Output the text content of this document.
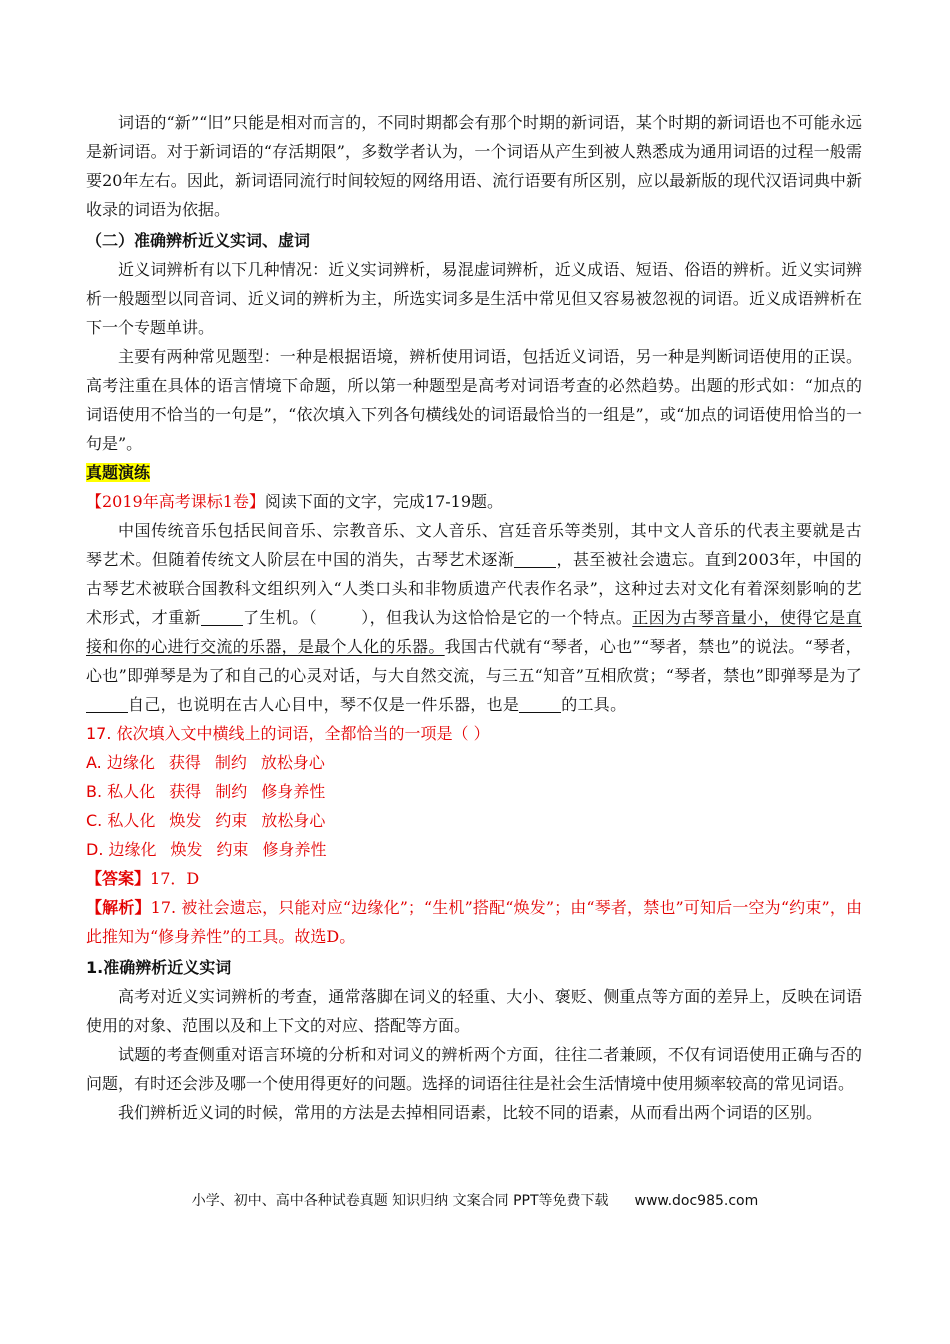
词语的“新”“旧”只能是相对而言的，不同时期都会有那个时期的新词语，某个时期的新词语也不可能永远是新词语。对于新词语的“存活期限”，多数学者认为，一个词语从产生到被人熟悉成为通用词语的过程一般需要20年左右。因此，新词语同流行时间较短的网络用语、流行语要有所区别，应以最新版的现代汉语词典中新收录的词语为依据。

（二）准确辨析近义实词、虚词

近义词辨析有以下几种情况：近义实词辨析，易混虚词辨析，近义成语、短语、俗语的辨析。近义实词辨析一般题型以同音词、近义词的辨析为主，所选实词多是生活中常见但又容易被忽视的词语。近义成语辨析在下一个专题单讲。

主要有两种常见题型：一种是根据语境，辨析使用词语，包括近义词语，另一种是判断词语使用的正误。高考注重在具体的语言情境下命题，所以第一种题型是高考对词语考查的必然趋势。出题的形式如：“加点的词语使用不恰当的一句是”，“依次填入下列各句横线处的词语最恰当的一组是”，或“加点的词语使用恰当的一句是”。

真题演练

【2019年高考课标1卷】阅读下面的文字，完成17-19题。

中国传统音乐包括民间音乐、宗教音乐、文人音乐、宫廷音乐等类别，其中文人音乐的代表主要就是古琴艺术。但随着传统文人阶层在中国的消失，古琴艺术逐渐	，甚至被社会遗忘。直到2003年，中国的古琴艺术被联合国教科文组织列入“人类口头和非物质遗产代表作名录”，这种过去对文化有着深刻影响的艺术形式，才重新	了生机。（	），但我认为这恰恰是它的一个特点。正因为古琴音量小，使得它是直接和你的心进行交流的乐器，是最个人化的乐器。我国古代就有“琴者，心也”“琴者，禁也”的说法。“琴者，心也”即弹琴是为了和自己的心灵对话，与大自然交流，与三五“知音”互相欣赏；“琴者，禁也”即弹琴是为了自己，也说明在古人心目中，琴不仅是一件乐器，也是	的工具。

17. 依次填入文中横线上的词语，全都恰当的一项是（ ）

A. 边缘化 获得 制约 放松身心

B. 私人化 获得 制约 修身养性

C. 私人化 焕发 约束 放松身心

D. 边缘化 焕发 约束 修身养性

【答案】17．D

【解析】17. 被社会遗忘，只能对应“边缘化”；“生机”搭配“焕发”；由“琴者，禁也”可知后一空为“约束”，由此推知为“修身养性”的工具。故选D。

1.准确辨析近义实词

高考对近义实词辨析的考查，通常落脚在词义的轻重、大小、褒贬、侧重点等方面的差异上，反映在词语使用的对象、范围以及和上下文的对应、搭配等方面。

试题的考查侧重对语言环境的分析和对词义的辨析两个方面，往往二者兼顾，不仅有词语使用正确与否的问题，有时还会涉及哪一个使用得更好的问题。选择的词语往往是社会生活情境中使用频率较高的常见词语。

我们辨析近义词的时候，常用的方法是去掉相同语素，比较不同的语素，从而看出两个词语的区别。

小学、初中、高中各种试卷真题 知识归纳 文案合同 PPT等免费下载 www.doc985.com
